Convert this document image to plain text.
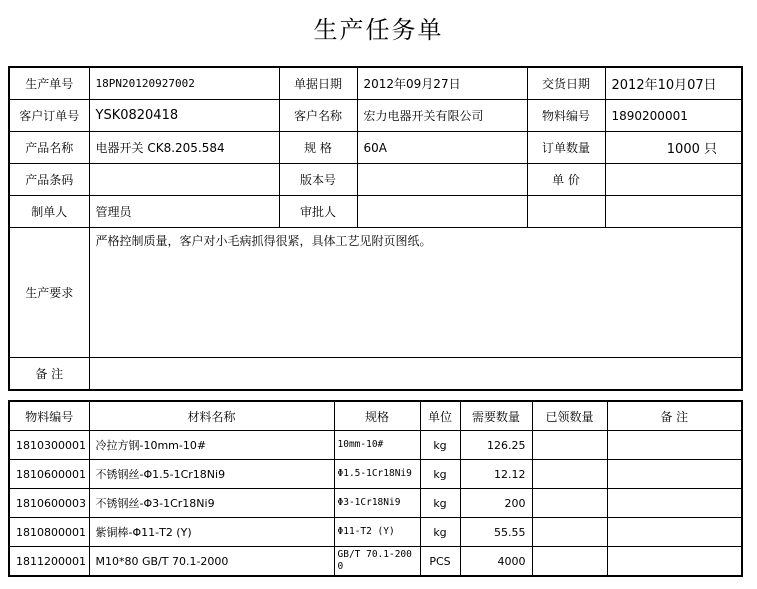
生产任务单
生产单号	18PN20120927002	单据日期	2012年09月27日	交货日期	2012年10月07日
客户订单号	YSK0820418	客户名称	宏力电器开关有限公司	物料编号	1890200001
产品名称	电器开关 CK8.205.584	规 格	60A	订单数量	1000 只
产品条码		版本号		单 价	
制单人	管理员	审批人			
生产要求	严格控制质量，客户对小毛病抓得很紧，具体工艺见附页图纸。				
备 注					
物料编号	材料名称	规格	单位	需要数量	已领数量	备 注
1810300001	冷拉方钢-10mm-10#	10mm-10#	kg	126.25		
1810600001	不锈钢丝-Φ1.5-1Cr18Ni9	Φ1.5-1Cr18Ni9	kg	12.12		
1810600003	不锈钢丝-Φ3-1Cr18Ni9	Φ3-1Cr18Ni9	kg	200		
1810800001	紫铜棒-Φ11-T2 (Y)	Φ11-T2 (Y)	kg	55.55		
1811200001	M10*80 GB/T 70.1-2000	GB/T 70.1-2000	PCS	4000		
